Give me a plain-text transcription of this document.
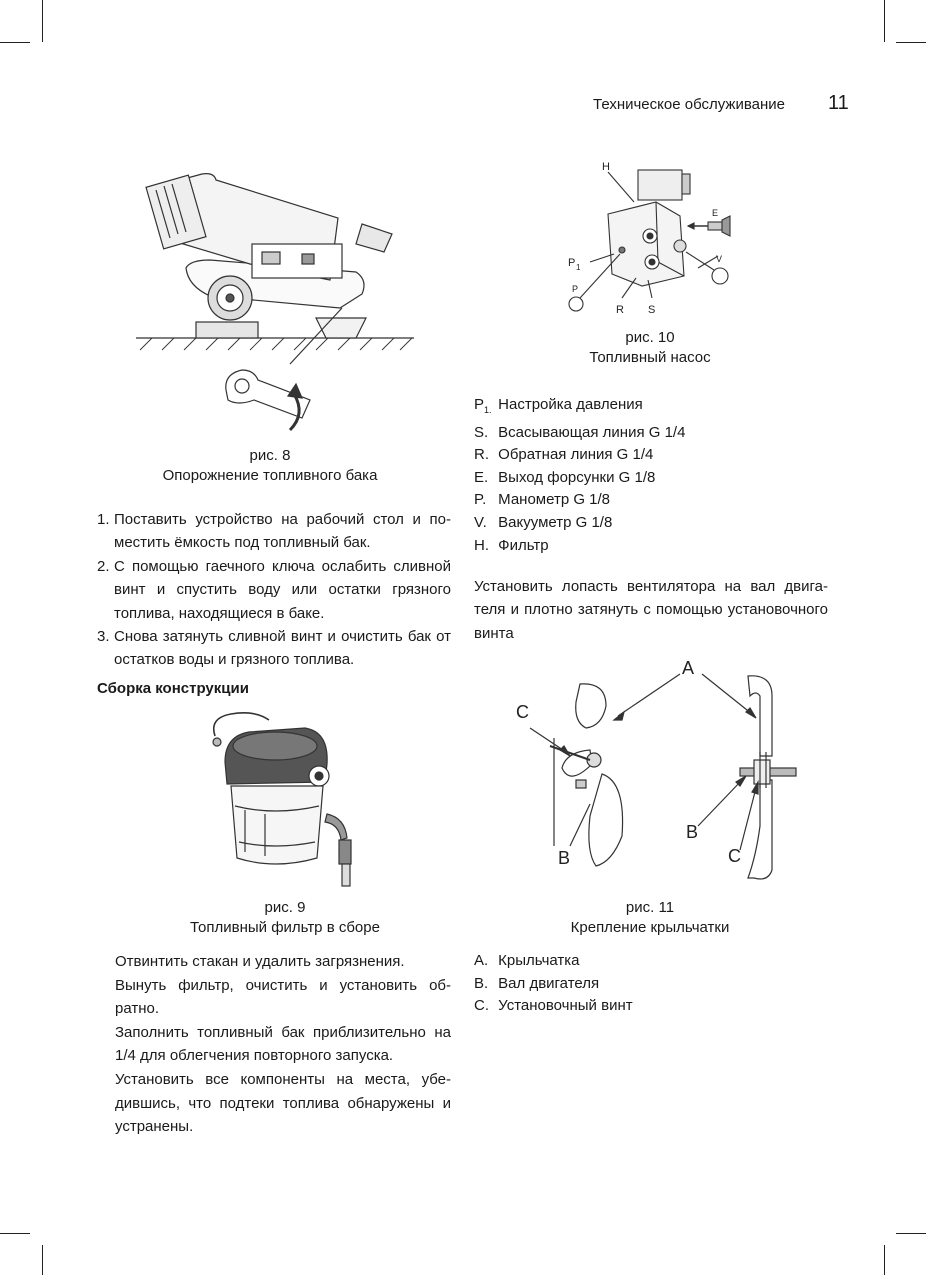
Техническое обслуживание 11
рис. 8
Опорожнение топливного бака
1. Поставить устройство на рабочий стол и поместить ёмкость под топливный бак.
2. С помощью гаечного ключа ослабить сливной винт и спустить воду или остатки грязного топлива, находящиеся в баке.
3. Снова затянуть сливной винт и очистить бак от остатков воды и грязного топлива.
Сборка конструкции
рис. 9
Топливный фильтр в сборе
Отвинтить стакан и удалить загрязнения.
Вынуть фильтр, очистить и установить обратно.
Заполнить топливный бак приблизительно на 1/4 для облегчения повторного запуска.
Установить все компоненты на места, убедившись, что подтеки топлива обнаружены и устранены.
H
E
P 1
V
P
R S
рис. 10
Топливный насос
$P_{1.}$ Настройка давления
S. Всасывающая линия G 1/4
R. Обратная линия G 1/4
E. Выход форсунки G 1/8
P. Манометр G 1/8
V. Вакууметр G 1/8
H. Фильтр
Установить лопасть вентилятора на вал двигателя и плотно затянуть с помощью установочного винта
A
C
B
B
C
рис. 11
Крепление крыльчатки
A. Крыльчатка
B. Вал двигателя
C. Установочный винт
